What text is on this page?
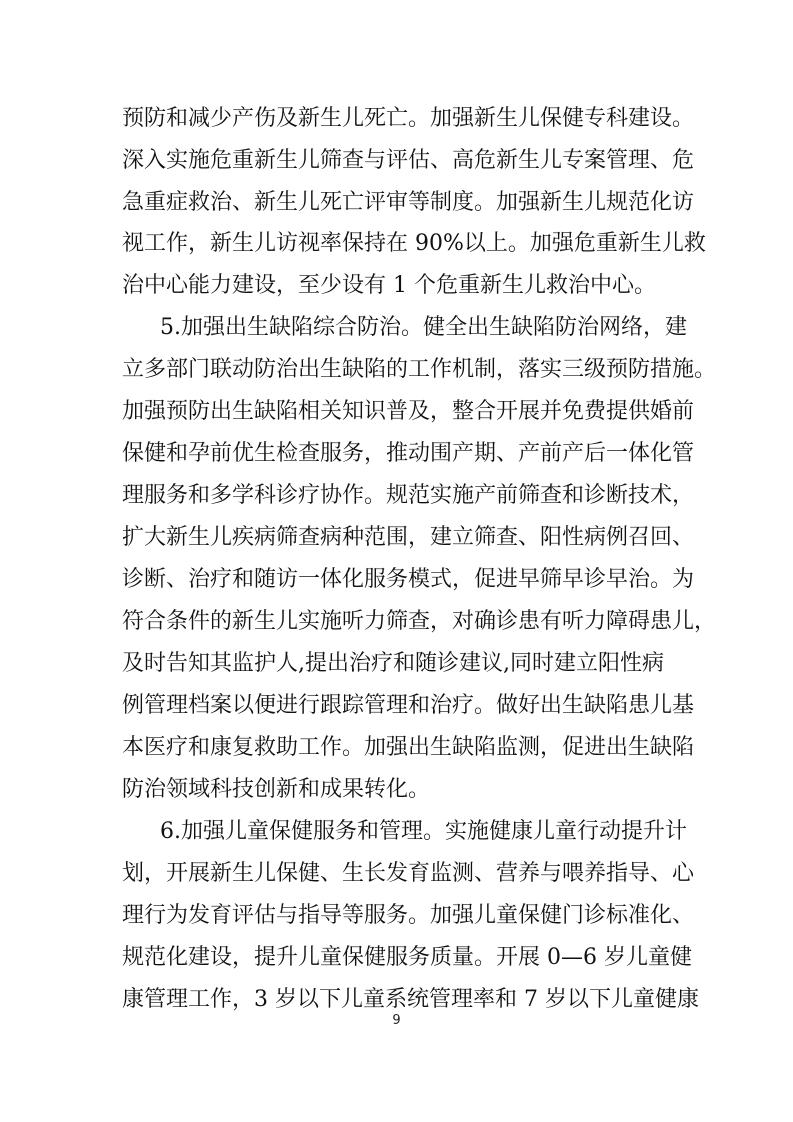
预防和减少产伤及新生儿死亡。加强新生儿保健专科建设。
深入实施危重新生儿筛查与评估、高危新生儿专案管理、危
急重症救治、新生儿死亡评审等制度。加强新生儿规范化访
视工作，新生儿访视率保持在 90%以上。加强危重新生儿救
治中心能力建设，至少设有 1 个危重新生儿救治中心。
5.加强出生缺陷综合防治。健全出生缺陷防治网络，建
立多部门联动防治出生缺陷的工作机制，落实三级预防措施。
加强预防出生缺陷相关知识普及，整合开展并免费提供婚前
保健和孕前优生检查服务，推动围产期、产前产后一体化管
理服务和多学科诊疗协作。规范实施产前筛查和诊断技术，
扩大新生儿疾病筛查病种范围，建立筛查、阳性病例召回、
诊断、治疗和随访一体化服务模式，促进早筛早诊早治。为
符合条件的新生儿实施听力筛查，对确诊患有听力障碍患儿，
及时告知其监护人,提出治疗和随诊建议,同时建立阳性病
例管理档案以便进行跟踪管理和治疗。做好出生缺陷患儿基
本医疗和康复救助工作。加强出生缺陷监测，促进出生缺陷
防治领域科技创新和成果转化。
6.加强儿童保健服务和管理。实施健康儿童行动提升计
划，开展新生儿保健、生长发育监测、营养与喂养指导、心
理行为发育评估与指导等服务。加强儿童保健门诊标准化、
规范化建设，提升儿童保健服务质量。开展 0—6 岁儿童健
康管理工作，3 岁以下儿童系统管理率和 7 岁以下儿童健康
9
